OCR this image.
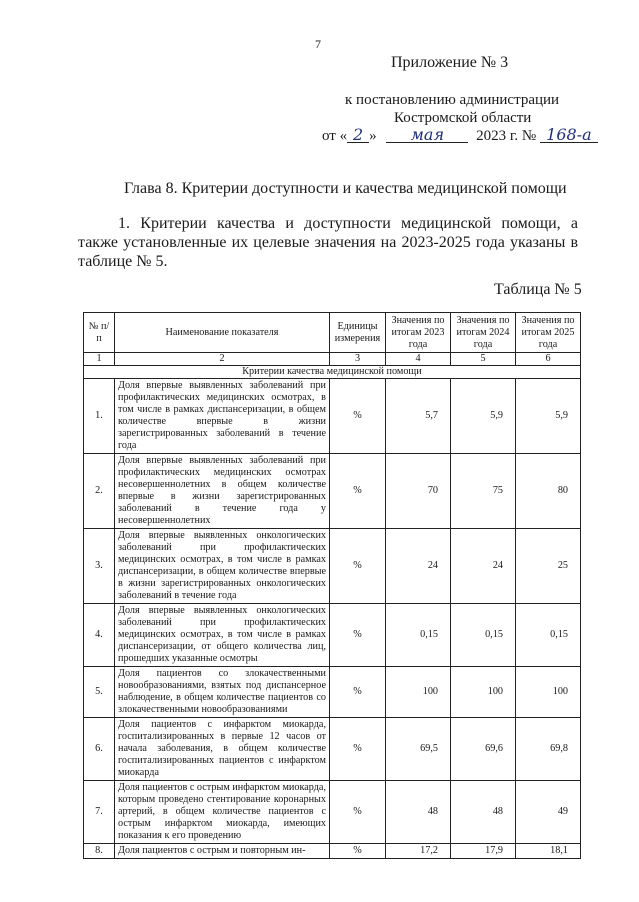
7
Приложение № 3
к постановлению администрации
Костромской области
от « 2 » мая 2023 г. № 168-а
Глава 8. Критерии доступности и качества медицинской помощи

1. Критерии качества и доступности медицинской помощи, а также установленные их целевые значения на 2023-2025 года указаны в таблице № 5.

Таблица № 5
№ п/п	Наименование показателя	Единицы измерения	Значения по итогам 2023 года	Значения по итогам 2024 года	Значения по итогам 2025 года
1	2	3	4	5	6
Критерии качества медицинской помощи					
1.	Доля впервые выявленных заболеваний при профилактических медицинских осмотрах, в том числе в рамках диспансеризации, в общем количестве впервые в жизни зарегистрированных заболеваний в течение года	%	5,7	5,9	5,9
2.	Доля впервые выявленных заболеваний при профилактических медицинских осмотрах несовершеннолетних в общем количестве впервые в жизни зарегистрированных заболеваний в течение года у несовершеннолетних	%	70	75	80
3.	Доля впервые выявленных онкологических заболеваний при профилактических медицинских осмотрах, в том числе в рамках диспансеризации, в общем количестве впервые в жизни зарегистрированных онкологических заболеваний в течение года	%	24	24	25
4.	Доля впервые выявленных онкологических заболеваний при профилактических медицинских осмотрах, в том числе в рамках диспансеризации, от общего количества лиц, прошедших указанные осмотры	%	0,15	0,15	0,15
5.	Доля пациентов со злокачественными новообразованиями, взятых под диспансерное наблюдение, в общем количестве пациентов со злокачественными новообразованиями	%	100	100	100
6.	Доля пациентов с инфарктом миокарда, госпитализированных в первые 12 часов от начала заболевания, в общем количестве госпитализированных пациентов с инфарктом миокарда	%	69,5	69,6	69,8
7.	Доля пациентов с острым инфарктом миокарда, которым проведено стентирование коронарных артерий, в общем количестве пациентов с острым инфарктом миокарда, имеющих показания к его проведению	%	48	48	49
8.	Доля пациентов с острым и повторным ин-	%	17,2	17,9	18,1
